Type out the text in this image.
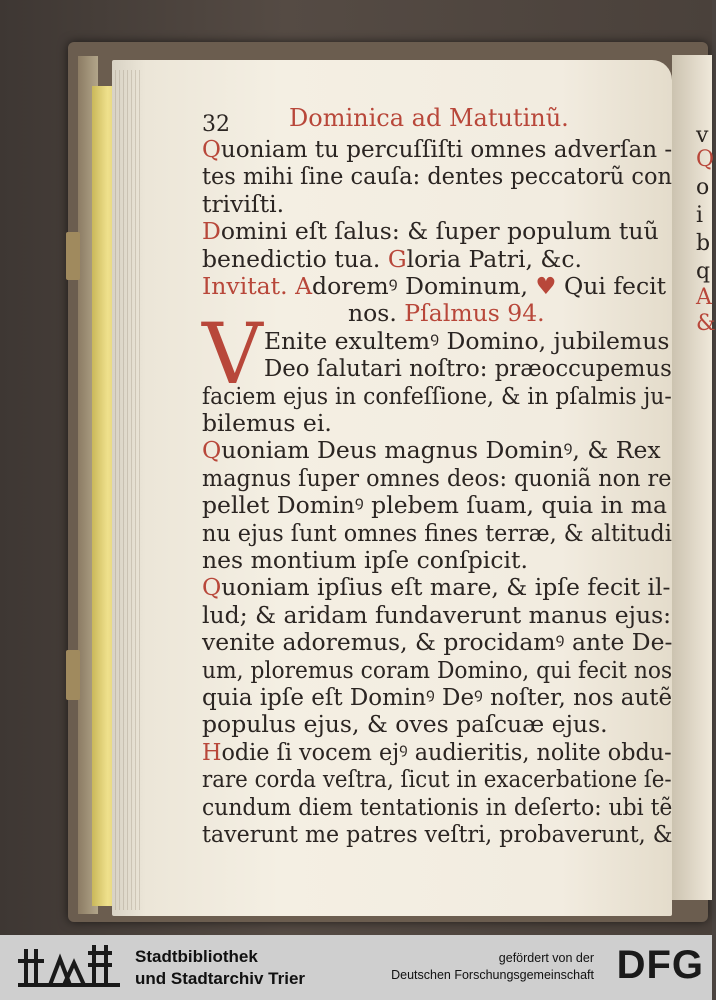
v
Q
o
i
b
q
A
&
32 Dominica ad Matutinũ.
V
Quoniam tu percuſſiſti omnes adverſan -
tes mihi ſine cauſa: dentes peccatorũ con
triviſti.
Domini eſt ſalus: & ſuper populum tuũ
benedictio tua. Gloria Patri, &c.
Invitat. Adoremꝰ Dominum, ♥ Qui fecit
nos. Pſalmus 94.
Enite exultemꝰ Domino, jubilemus
Deo ſalutari noſtro: præoccupemus
faciem ejus in confeſſione, & in pſalmis ju-
bilemus ei.
Quoniam Deus magnus Dominꝰ, & Rex
magnus ſuper omnes deos: quoniã non re
pellet Dominꝰ plebem ſuam, quia in ma
nu ejus ſunt omnes fines terræ, & altitudi
nes montium ipſe conſpicit.
Quoniam ipſius eſt mare, & ipſe fecit il-
lud; & aridam fundaverunt manus ejus:
venite adoremus, & procidamꝰ ante De-
um, ploremus coram Domino, qui fecit nos
quia ipſe eſt Dominꝰ Deꝰ noſter, nos autẽ
populus ejus, & oves paſcuæ ejus.
Hodie ſi vocem ejꝰ audieritis, nolite obdu-
rare corda veſtra, ſicut in exacerbatione ſe-
cundum diem tentationis in deſerto: ubi tẽ
taverunt me patres veſtri, probaverunt, &
Stadtbibliothek
und Stadtarchiv Trier
gefördert von der
Deutschen Forschungsgemeinschaft DFG
